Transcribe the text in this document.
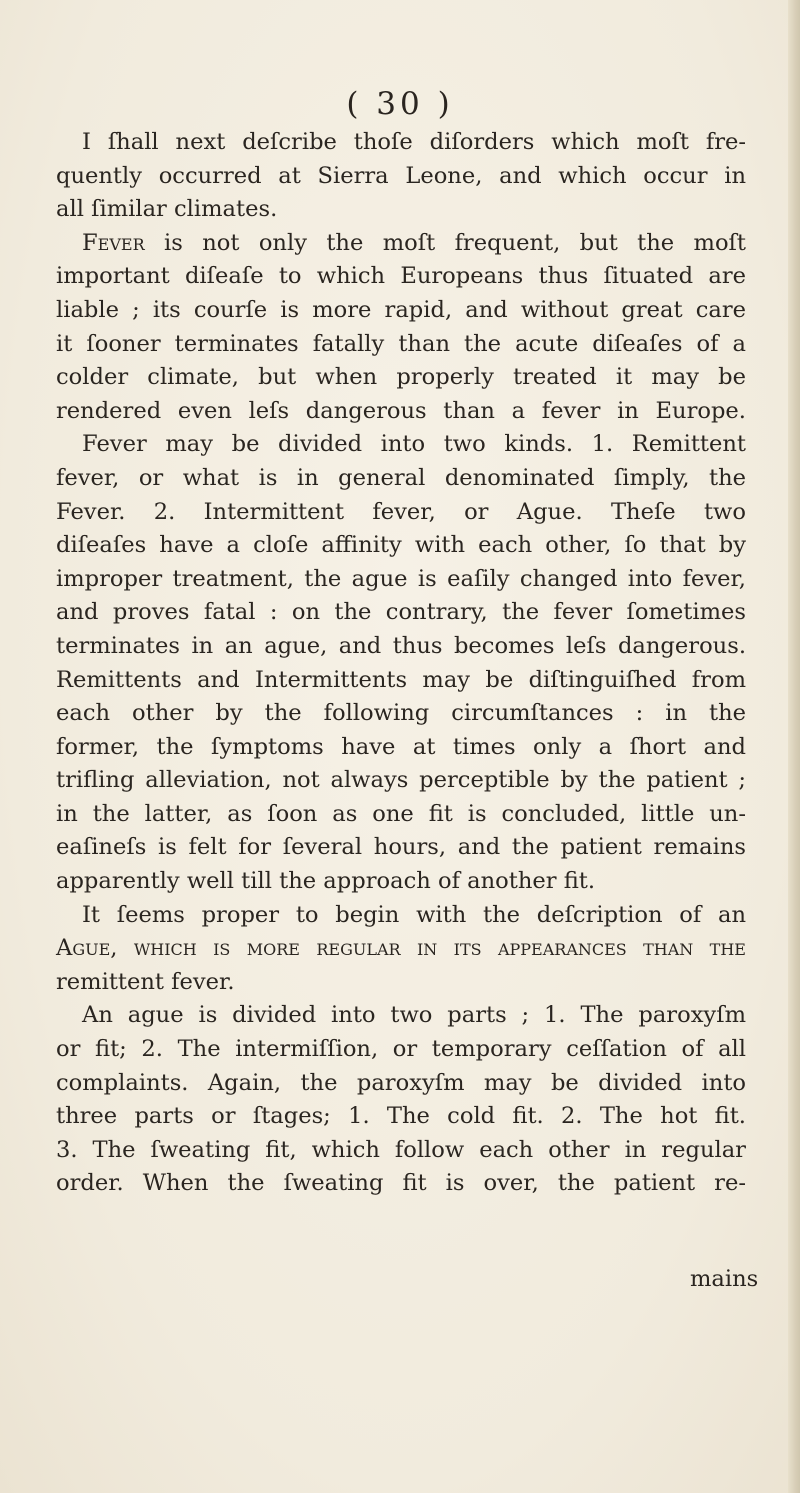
( 30 )

I ſhall next deſcribe thoſe diſorders which moſt fre-
quently occurred at Sierra Leone, and which occur in
all ſimilar climates.

Fever is not only the moſt frequent, but the moſt
important diſeaſe to which Europeans thus ſituated are
liable ; its courſe is more rapid, and without great care
it ſooner terminates fatally than the acute diſeaſes of a
colder climate, but when properly treated it may be
rendered even leſs dangerous than a fever in Europe.

Fever may be divided into two kinds. 1. Remittent
fever, or what is in general denominated ſimply, the
Fever. 2. Intermittent fever, or Ague. Theſe two
diſeaſes have a cloſe affinity with each other, ſo that by
improper treatment, the ague is eaſily changed into fever,
and proves fatal : on the contrary, the fever ſometimes
terminates in an ague, and thus becomes leſs dangerous.
Remittents and Intermittents may be diſtinguiſhed from
each other by the following circumſtances : in the
former, the ſymptoms have at times only a ſhort and
trifling alleviation, not always perceptible by the patient ;
in the latter, as ſoon as one fit is concluded, little un-
eaſineſs is felt for ſeveral hours, and the patient remains
apparently well till the approach of another fit.

It ſeems proper to begin with the deſcription of an
Ague, which is more regular in its appearances than the
remittent fever.

An ague is divided into two parts ; 1. The paroxyſm
or fit; 2. The intermiſſion, or temporary ceſſation of all
complaints. Again, the paroxyſm may be divided into
three parts or ſtages; 1. The cold fit. 2. The hot fit.
3. The ſweating fit, which follow each other in regular
order. When the ſweating fit is over, the patient re-

mains
